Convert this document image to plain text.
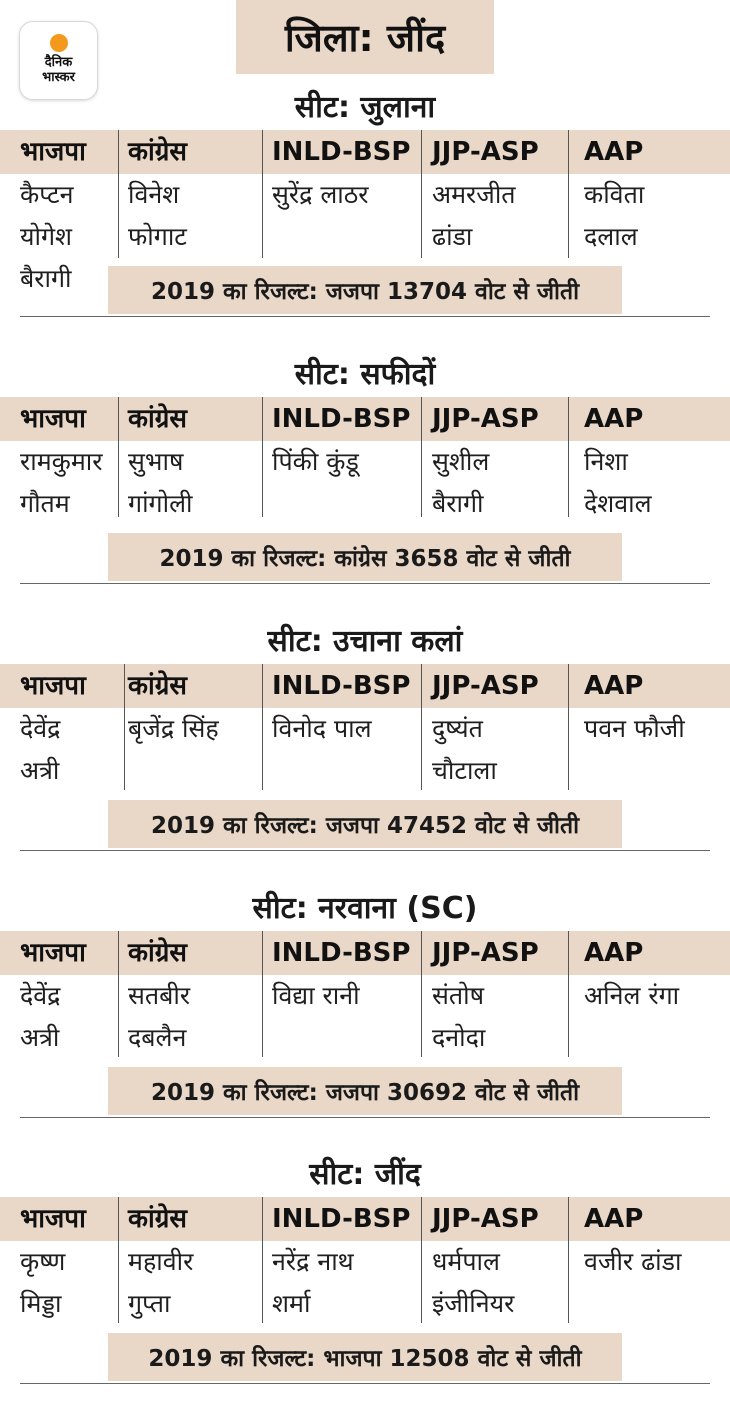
दैनिक
भास्कर
जिला: जींद
सीट: जुलाना
भाजपा
कैप्टन
योगेश
बैरागी
कांग्रेस
विनेश
फोगाट
INLD-BSP
सुरेंद्र लाठर
JJP-ASP
अमरजीत
ढांडा
AAP
कविता
दलाल
2019 का रिजल्ट: जजपा 13704 वोट से जीती
सीट: सफीदों
भाजपा
रामकुमार
गौतम
कांग्रेस
सुभाष
गांगोली
INLD-BSP
पिंकी कुंडू
JJP-ASP
सुशील
बैरागी
AAP
निशा
देशवाल
2019 का रिजल्ट: कांग्रेस 3658 वोट से जीती
सीट: उचाना कलां
भाजपा
देवेंद्र
अत्री
कांग्रेस
बृजेंद्र सिंह
INLD-BSP
विनोद पाल
JJP-ASP
दुष्यंत
चौटाला
AAP
पवन फौजी
2019 का रिजल्ट: जजपा 47452 वोट से जीती
सीट: नरवाना (SC)
भाजपा
देवेंद्र
अत्री
कांग्रेस
सतबीर
दबलैन
INLD-BSP
विद्या रानी
JJP-ASP
संतोष
दनोदा
AAP
अनिल रंगा
2019 का रिजल्ट: जजपा 30692 वोट से जीती
सीट: जींद
भाजपा
कृष्ण
मिड्डा
कांग्रेस
महावीर
गुप्ता
INLD-BSP
नरेंद्र नाथ
शर्मा
JJP-ASP
धर्मपाल
इंजीनियर
AAP
वजीर ढांडा
2019 का रिजल्ट: भाजपा 12508 वोट से जीती
